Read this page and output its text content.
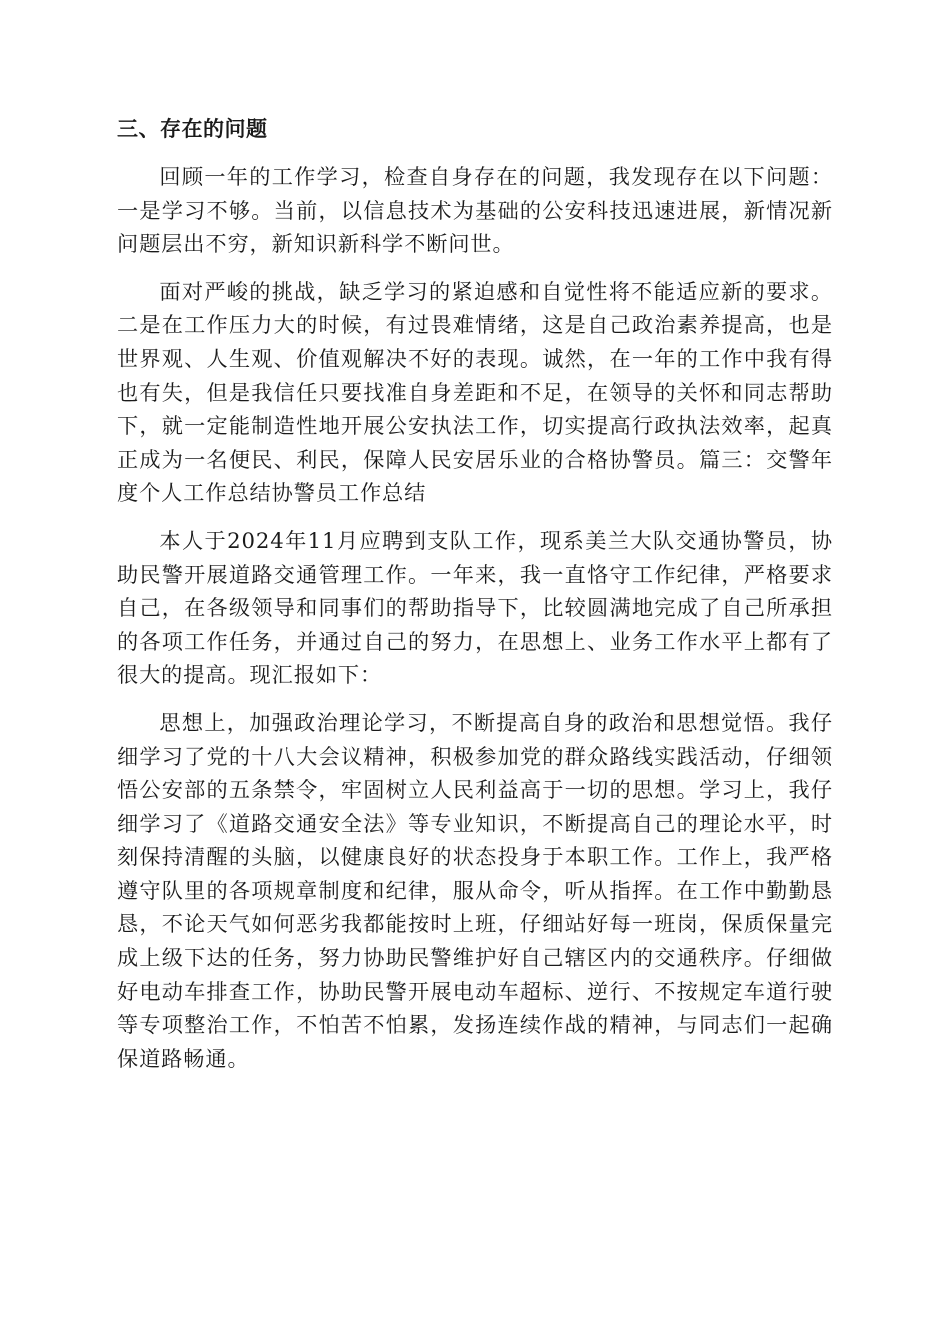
三、存在的问题

回顾一年的工作学习，检查自身存在的问题，我发现存在以下问题：一是学习不够。当前，以信息技术为基础的公安科技迅速进展，新情况新问题层出不穷，新知识新科学不断问世。

面对严峻的挑战，缺乏学习的紧迫感和自觉性将不能适应新的要求。二是在工作压力大的时候，有过畏难情绪，这是自己政治素养提高，也是世界观、人生观、价值观解决不好的表现。诚然，在一年的工作中我有得也有失，但是我信任只要找准自身差距和不足，在领导的关怀和同志帮助下，就一定能制造性地开展公安执法工作，切实提高行政执法效率，起真正成为一名便民、利民，保障人民安居乐业的合格协警员。篇三：交警年度个人工作总结协警员工作总结

本人于2024年11月应聘到支队工作，现系美兰大队交通协警员，协助民警开展道路交通管理工作。一年来，我一直恪守工作纪律，严格要求自己，在各级领导和同事们的帮助指导下，比较圆满地完成了自己所承担的各项工作任务，并通过自己的努力，在思想上、业务工作水平上都有了很大的提高。现汇报如下：

思想上，加强政治理论学习，不断提高自身的政治和思想觉悟。我仔细学习了党的十八大会议精神，积极参加党的群众路线实践活动，仔细领悟公安部的五条禁令，牢固树立人民利益高于一切的思想。学习上，我仔细学习了《道路交通安全法》等专业知识，不断提高自己的理论水平，时刻保持清醒的头脑，以健康良好的状态投身于本职工作。工作上，我严格遵守队里的各项规章制度和纪律，服从命令，听从指挥。在工作中勤勤恳恳，不论天气如何恶劣我都能按时上班，仔细站好每一班岗，保质保量完成上级下达的任务，努力协助民警维护好自己辖区内的交通秩序。仔细做好电动车排查工作，协助民警开展电动车超标、逆行、不按规定车道行驶等专项整治工作，不怕苦不怕累，发扬连续作战的精神，与同志们一起确保道路畅通。
